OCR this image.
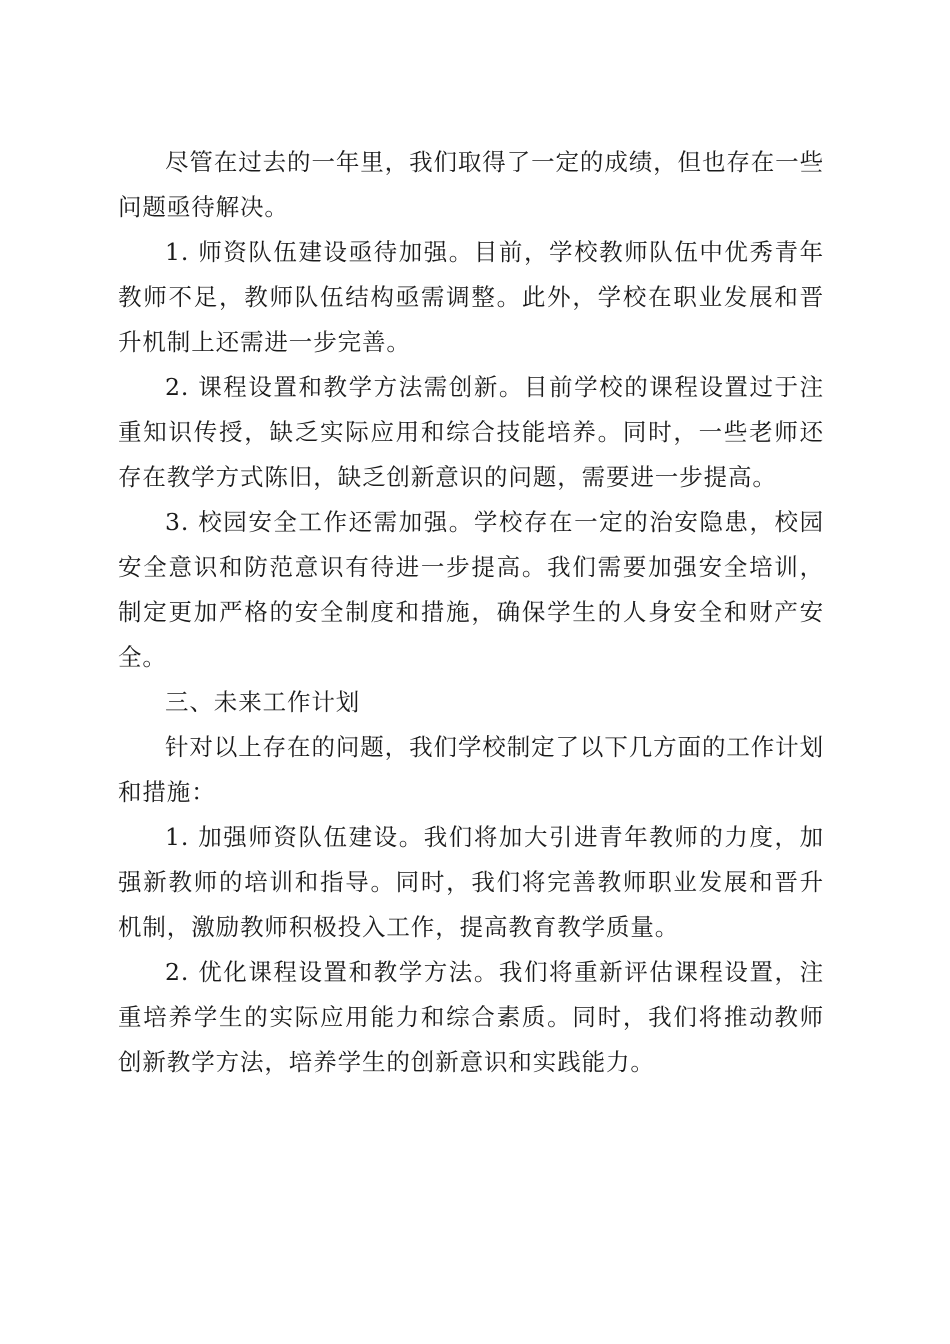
尽管在过去的一年里，我们取得了一定的成绩，但也存在一些问题亟待解决。

1. 师资队伍建设亟待加强。目前，学校教师队伍中优秀青年教师不足，教师队伍结构亟需调整。此外，学校在职业发展和晋升机制上还需进一步完善。

2. 课程设置和教学方法需创新。目前学校的课程设置过于注重知识传授，缺乏实际应用和综合技能培养。同时，一些老师还存在教学方式陈旧，缺乏创新意识的问题，需要进一步提高。

3. 校园安全工作还需加强。学校存在一定的治安隐患，校园安全意识和防范意识有待进一步提高。我们需要加强安全培训，制定更加严格的安全制度和措施，确保学生的人身安全和财产安全。

三、未来工作计划

针对以上存在的问题，我们学校制定了以下几方面的工作计划和措施：

1. 加强师资队伍建设。我们将加大引进青年教师的力度，加强新教师的培训和指导。同时，我们将完善教师职业发展和晋升机制，激励教师积极投入工作，提高教育教学质量。

2. 优化课程设置和教学方法。我们将重新评估课程设置，注重培养学生的实际应用能力和综合素质。同时，我们将推动教师创新教学方法，培养学生的创新意识和实践能力。
